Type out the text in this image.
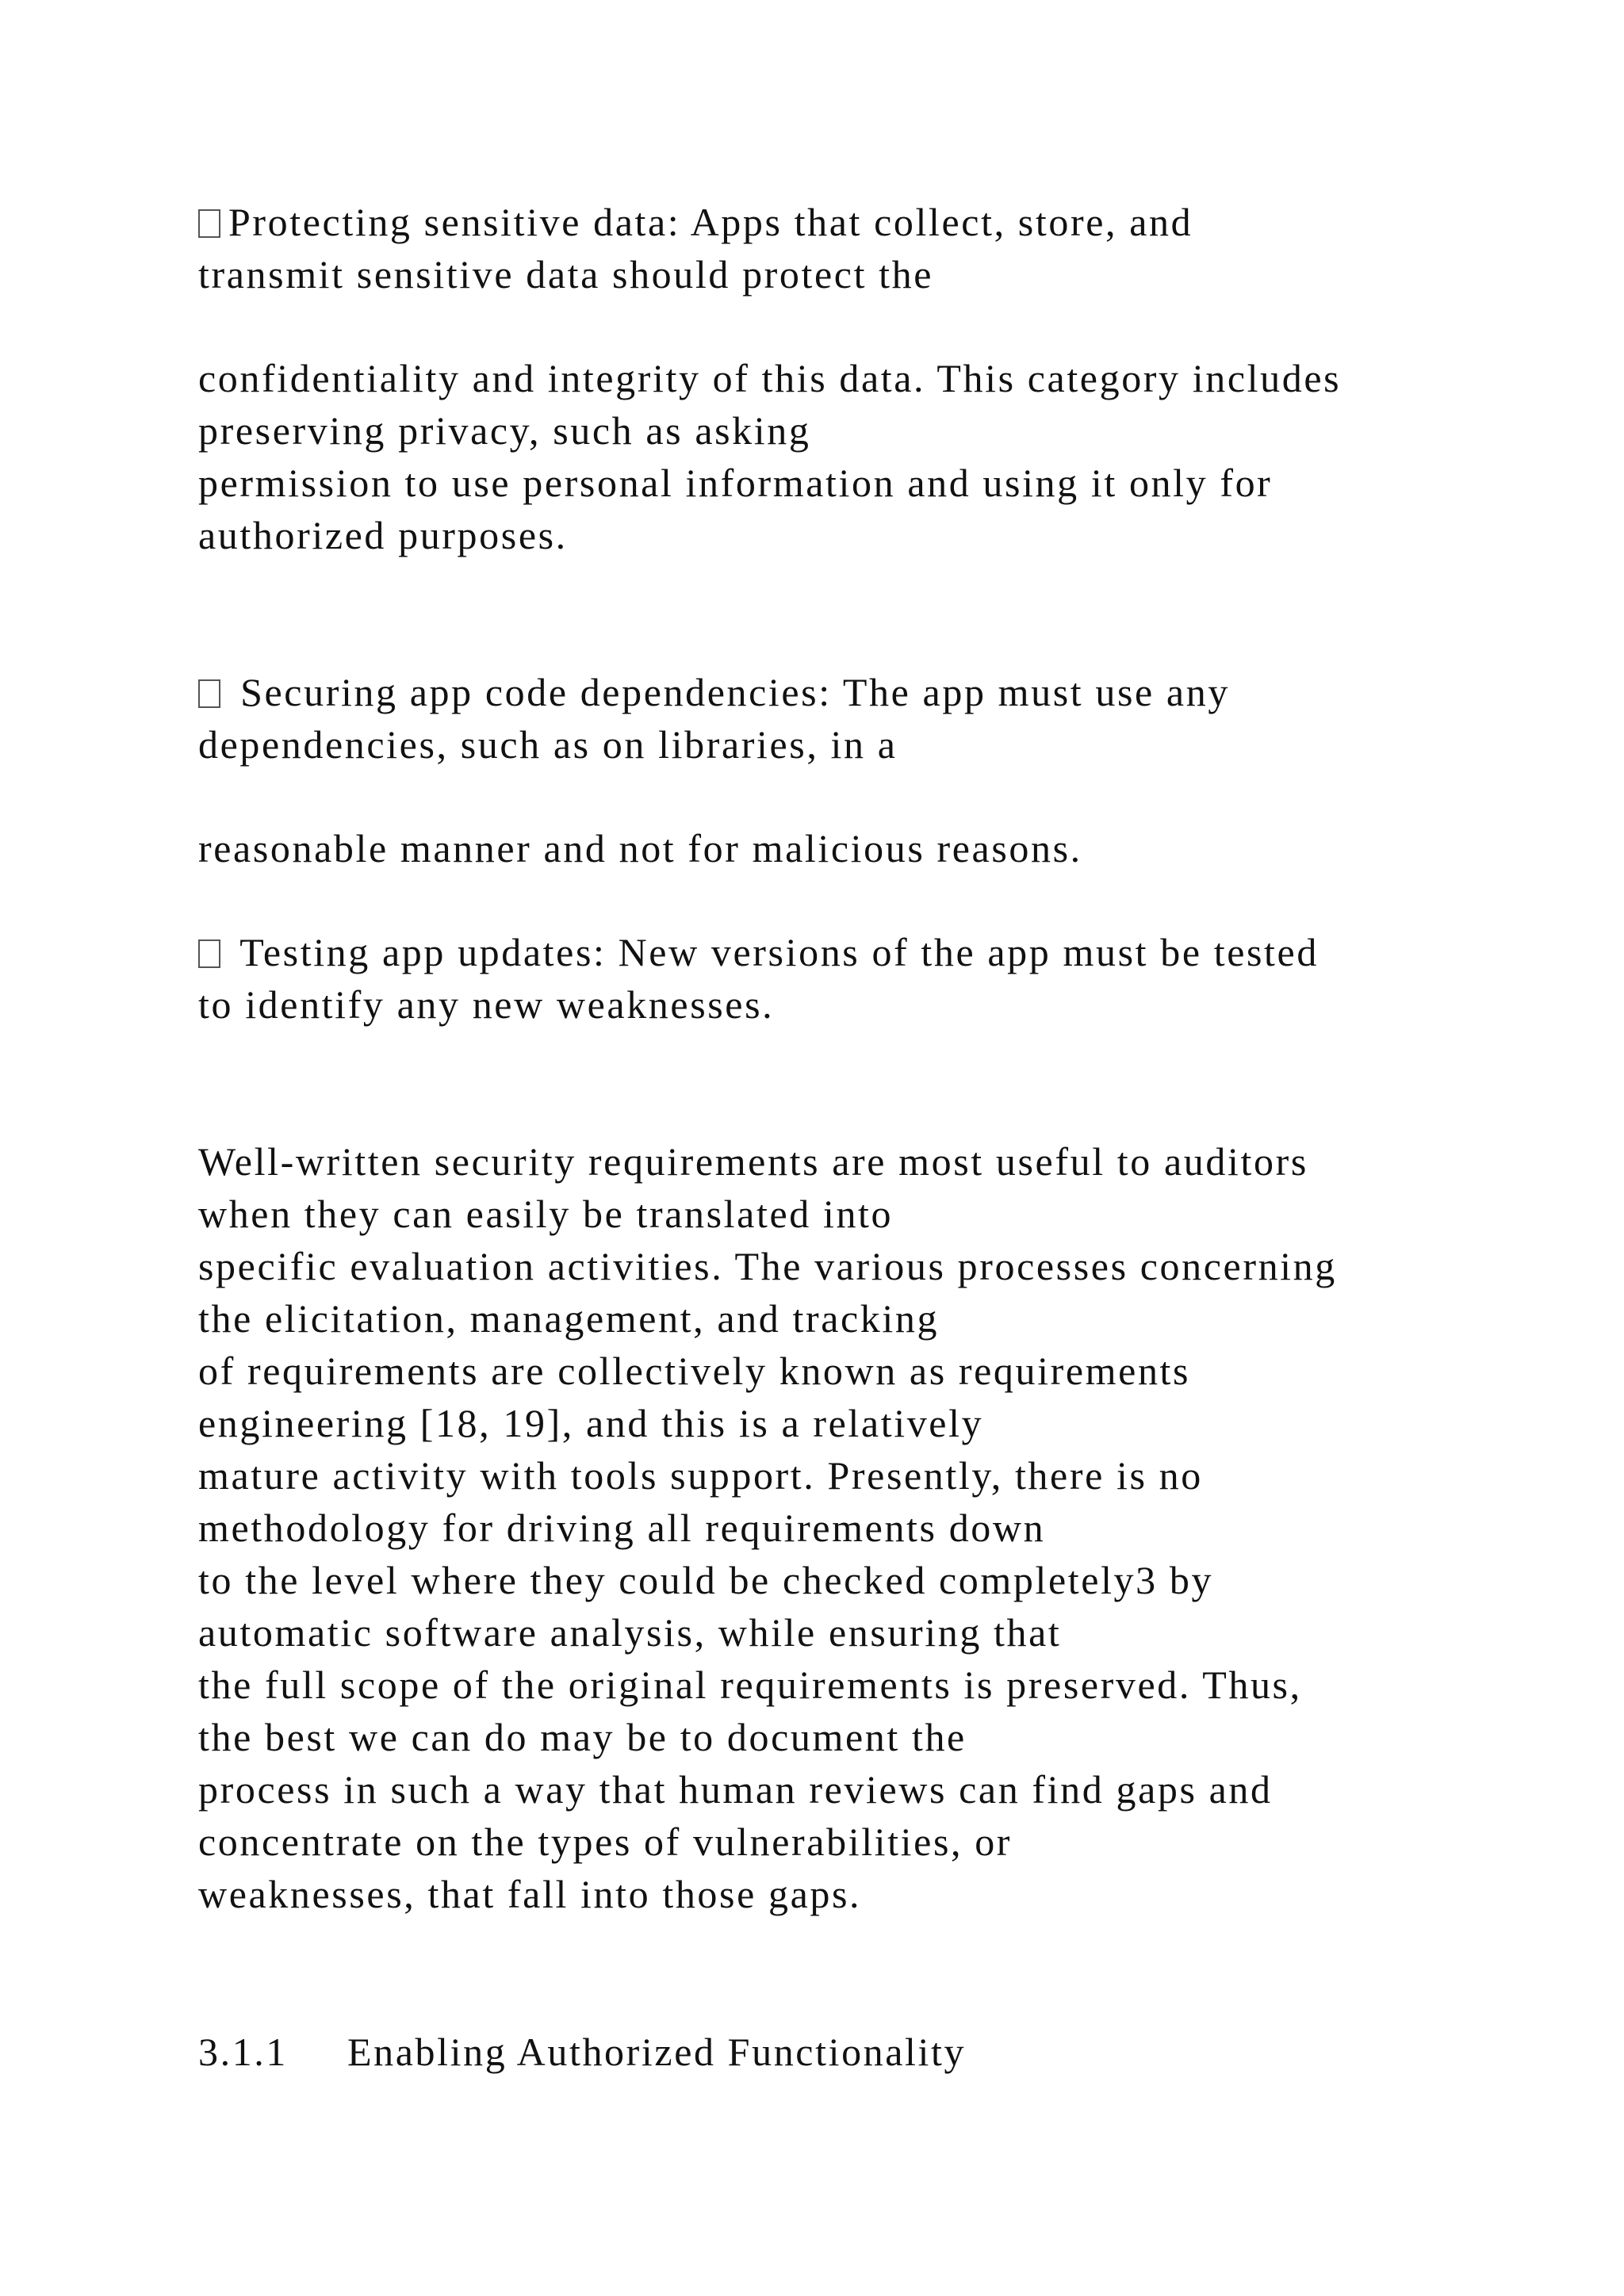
Protecting sensitive data: Apps that collect, store, and
transmit sensitive data should protect the
confidentiality and integrity of this data. This category includes
preserving privacy, such as asking
permission to use personal information and using it only for
authorized purposes.
Securing app code dependencies: The app must use any
dependencies, such as on libraries, in a
reasonable manner and not for malicious reasons.
Testing app updates: New versions of the app must be tested
to identify any new weaknesses.
Well-written security requirements are most useful to auditors
when they can easily be translated into
specific evaluation activities. The various processes concerning
the elicitation, management, and tracking
of requirements are collectively known as requirements
engineering [18, 19], and this is a relatively
mature activity with tools support. Presently, there is no
methodology for driving all requirements down
to the level where they could be checked completely3 by
automatic software analysis, while ensuring that
the full scope of the original requirements is preserved. Thus,
the best we can do may be to document the
process in such a way that human reviews can find gaps and
concentrate on the types of vulnerabilities, or
weaknesses, that fall into those gaps.
3.1.1 Enabling Authorized Functionality
